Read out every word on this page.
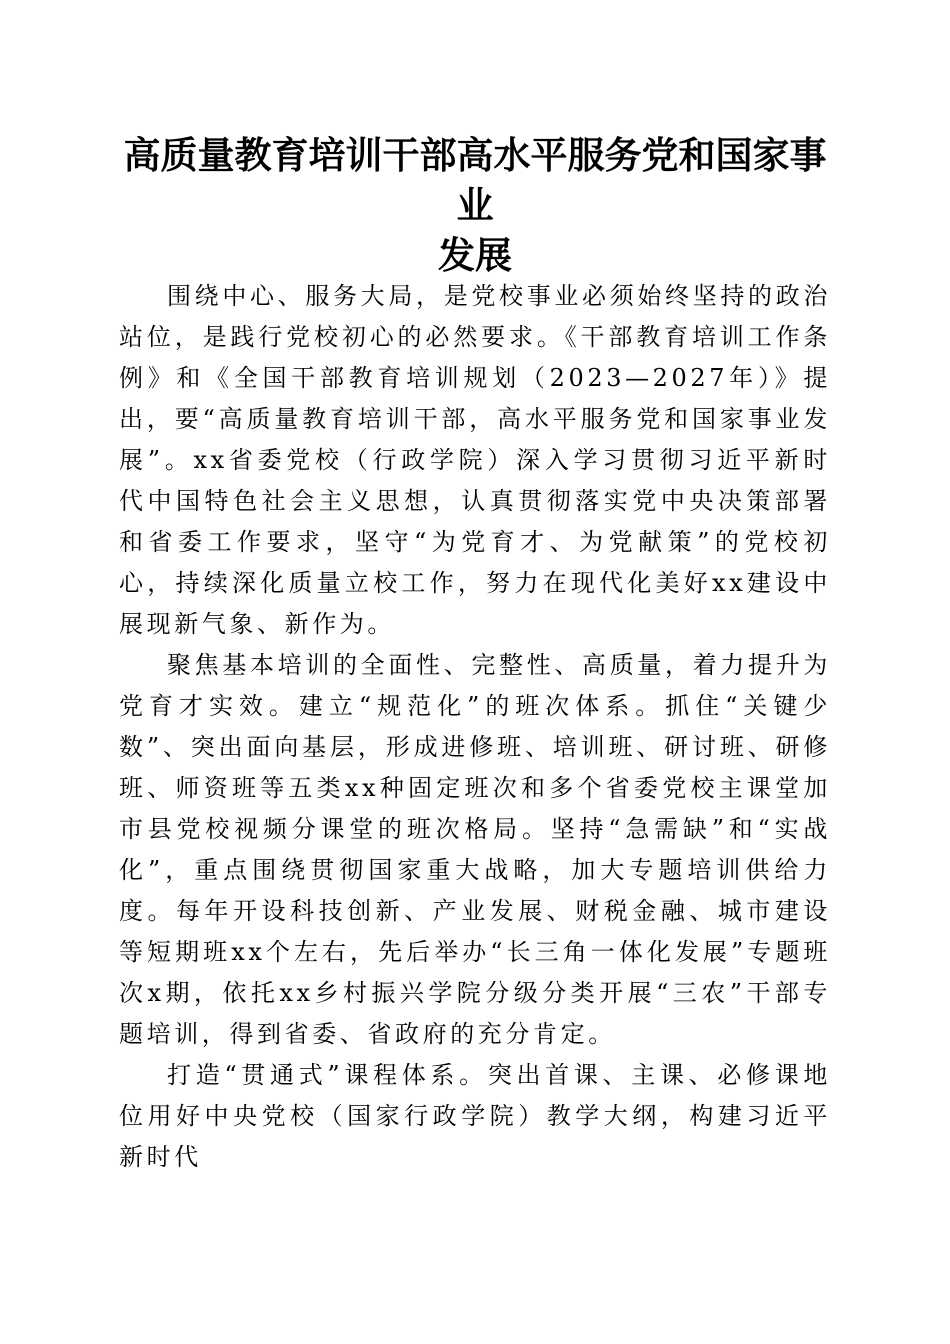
高质量教育培训干部高水平服务党和国家事业
发展

围绕中心、服务大局，是党校事业必须始终坚持的政治站位，是践行党校初心的必然要求。《干部教育培训工作条例》和《全国干部教育培训规划（2023—2027年）》提出，要“高质量教育培训干部，高水平服务党和国家事业发展”。xx省委党校（行政学院）深入学习贯彻习近平新时代中国特色社会主义思想，认真贯彻落实党中央决策部署和省委工作要求，坚守“为党育才、为党献策”的党校初心，持续深化质量立校工作，努力在现代化美好xx建设中展现新气象、新作为。

聚焦基本培训的全面性、完整性、高质量，着力提升为党育才实效。建立“规范化”的班次体系。抓住“关键少数”、突出面向基层，形成进修班、培训班、研讨班、研修班、师资班等五类xx种固定班次和多个省委党校主课堂加市县党校视频分课堂的班次格局。坚持“急需缺”和“实战化”，重点围绕贯彻国家重大战略，加大专题培训供给力度。每年开设科技创新、产业发展、财税金融、城市建设等短期班xx个左右，先后举办“长三角一体化发展”专题班次x期，依托xx乡村振兴学院分级分类开展“三农”干部专题培训，得到省委、省政府的充分肯定。

打造“贯通式”课程体系。突出首课、主课、必修课地位用好中央党校（国家行政学院）教学大纲，构建习近平新时代
